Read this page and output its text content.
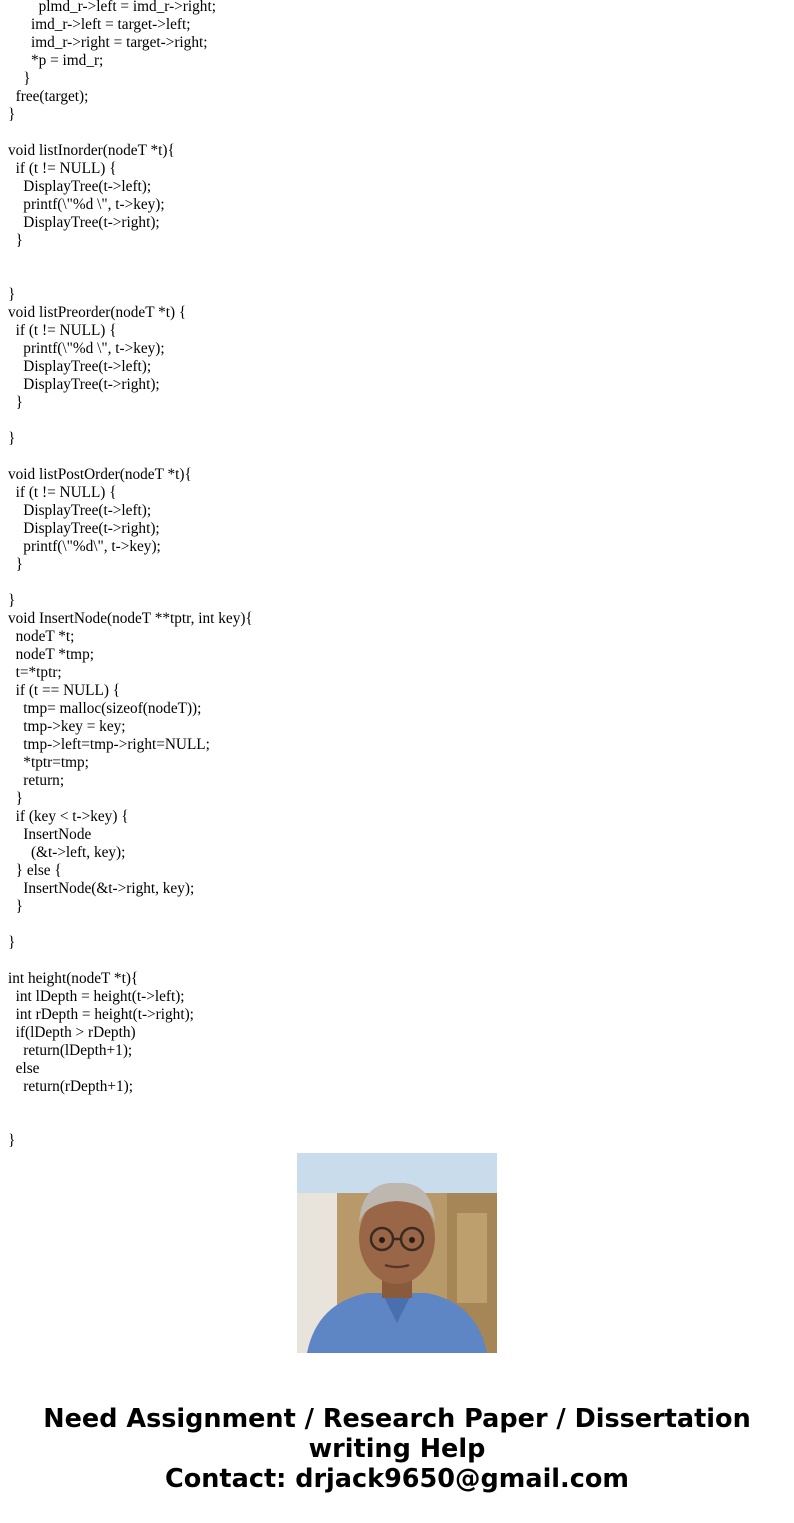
plmd_r->left = imd_r->right;
imd_r->left = target->left;
imd_r->right = target->right;
*p = imd_r;
}
free(target);
}
void listInorder(nodeT *t){
if (t != NULL) {
DisplayTree(t->left);
printf(\"%d \", t->key);
DisplayTree(t->right);
}
}
void listPreorder(nodeT *t) {
if (t != NULL) {
printf(\"%d \", t->key);
DisplayTree(t->left);
DisplayTree(t->right);
}
}
void listPostOrder(nodeT *t){
if (t != NULL) {
DisplayTree(t->left);
DisplayTree(t->right);
printf(\"%d\", t->key);
}
}
void InsertNode(nodeT **tptr, int key){
nodeT *t;
nodeT *tmp;
t=*tptr;
if (t == NULL) {
tmp= malloc(sizeof(nodeT));
tmp->key = key;
tmp->left=tmp->right=NULL;
*tptr=tmp;
return;
}
if (key < t->key) {
InsertNode
(&t->left, key);
} else {
InsertNode(&t->right, key);
}
}
int height(nodeT *t){
int lDepth = height(t->left);
int rDepth = height(t->right);
if(lDepth > rDepth)
return(lDepth+1);
else
return(rDepth+1);
}
Need Assignment / Research Paper / Dissertation
writing Help
Contact: drjack9650@gmail.com
